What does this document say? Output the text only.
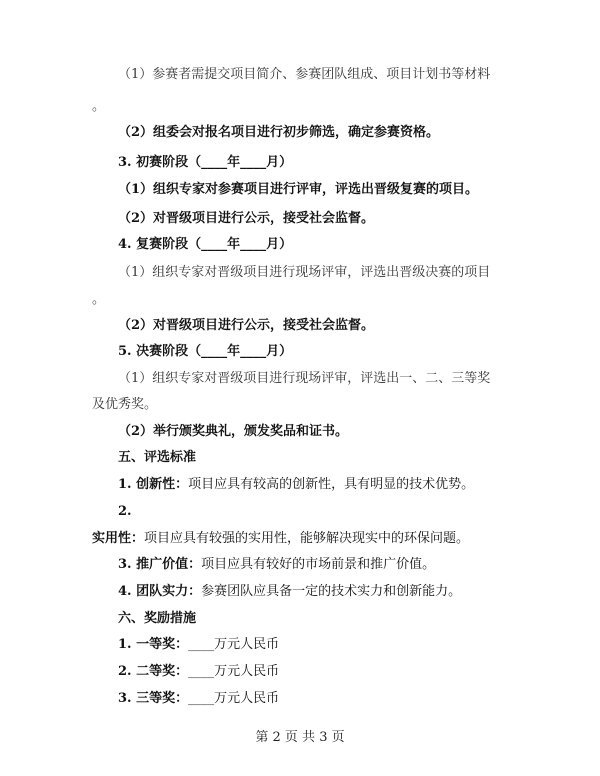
（1）参赛者需提交项目简介、参赛团队组成、项目计划书等材料
。
（2）组委会对报名项目进行初步筛选，确定参赛资格。
3. 初赛阶段（____年____月）
（1）组织专家对参赛项目进行评审，评选出晋级复赛的项目。
（2）对晋级项目进行公示，接受社会监督。
4. 复赛阶段（____年____月）
（1）组织专家对晋级项目进行现场评审，评选出晋级决赛的项目
。
（2）对晋级项目进行公示，接受社会监督。
5. 决赛阶段（____年____月）
（1）组织专家对晋级项目进行现场评审，评选出一、二、三等奖
及优秀奖。
（2）举行颁奖典礼，颁发奖品和证书。
五、评选标准
1. 创新性：项目应具有较高的创新性，具有明显的技术优势。
2.
实用性：项目应具有较强的实用性，能够解决现实中的环保问题。
3. 推广价值：项目应具有较好的市场前景和推广价值。
4. 团队实力：参赛团队应具备一定的技术实力和创新能力。
六、奖励措施
1. 一等奖：____万元人民币
2. 二等奖：____万元人民币
3. 三等奖：____万元人民币
第 2 页 共 3 页
